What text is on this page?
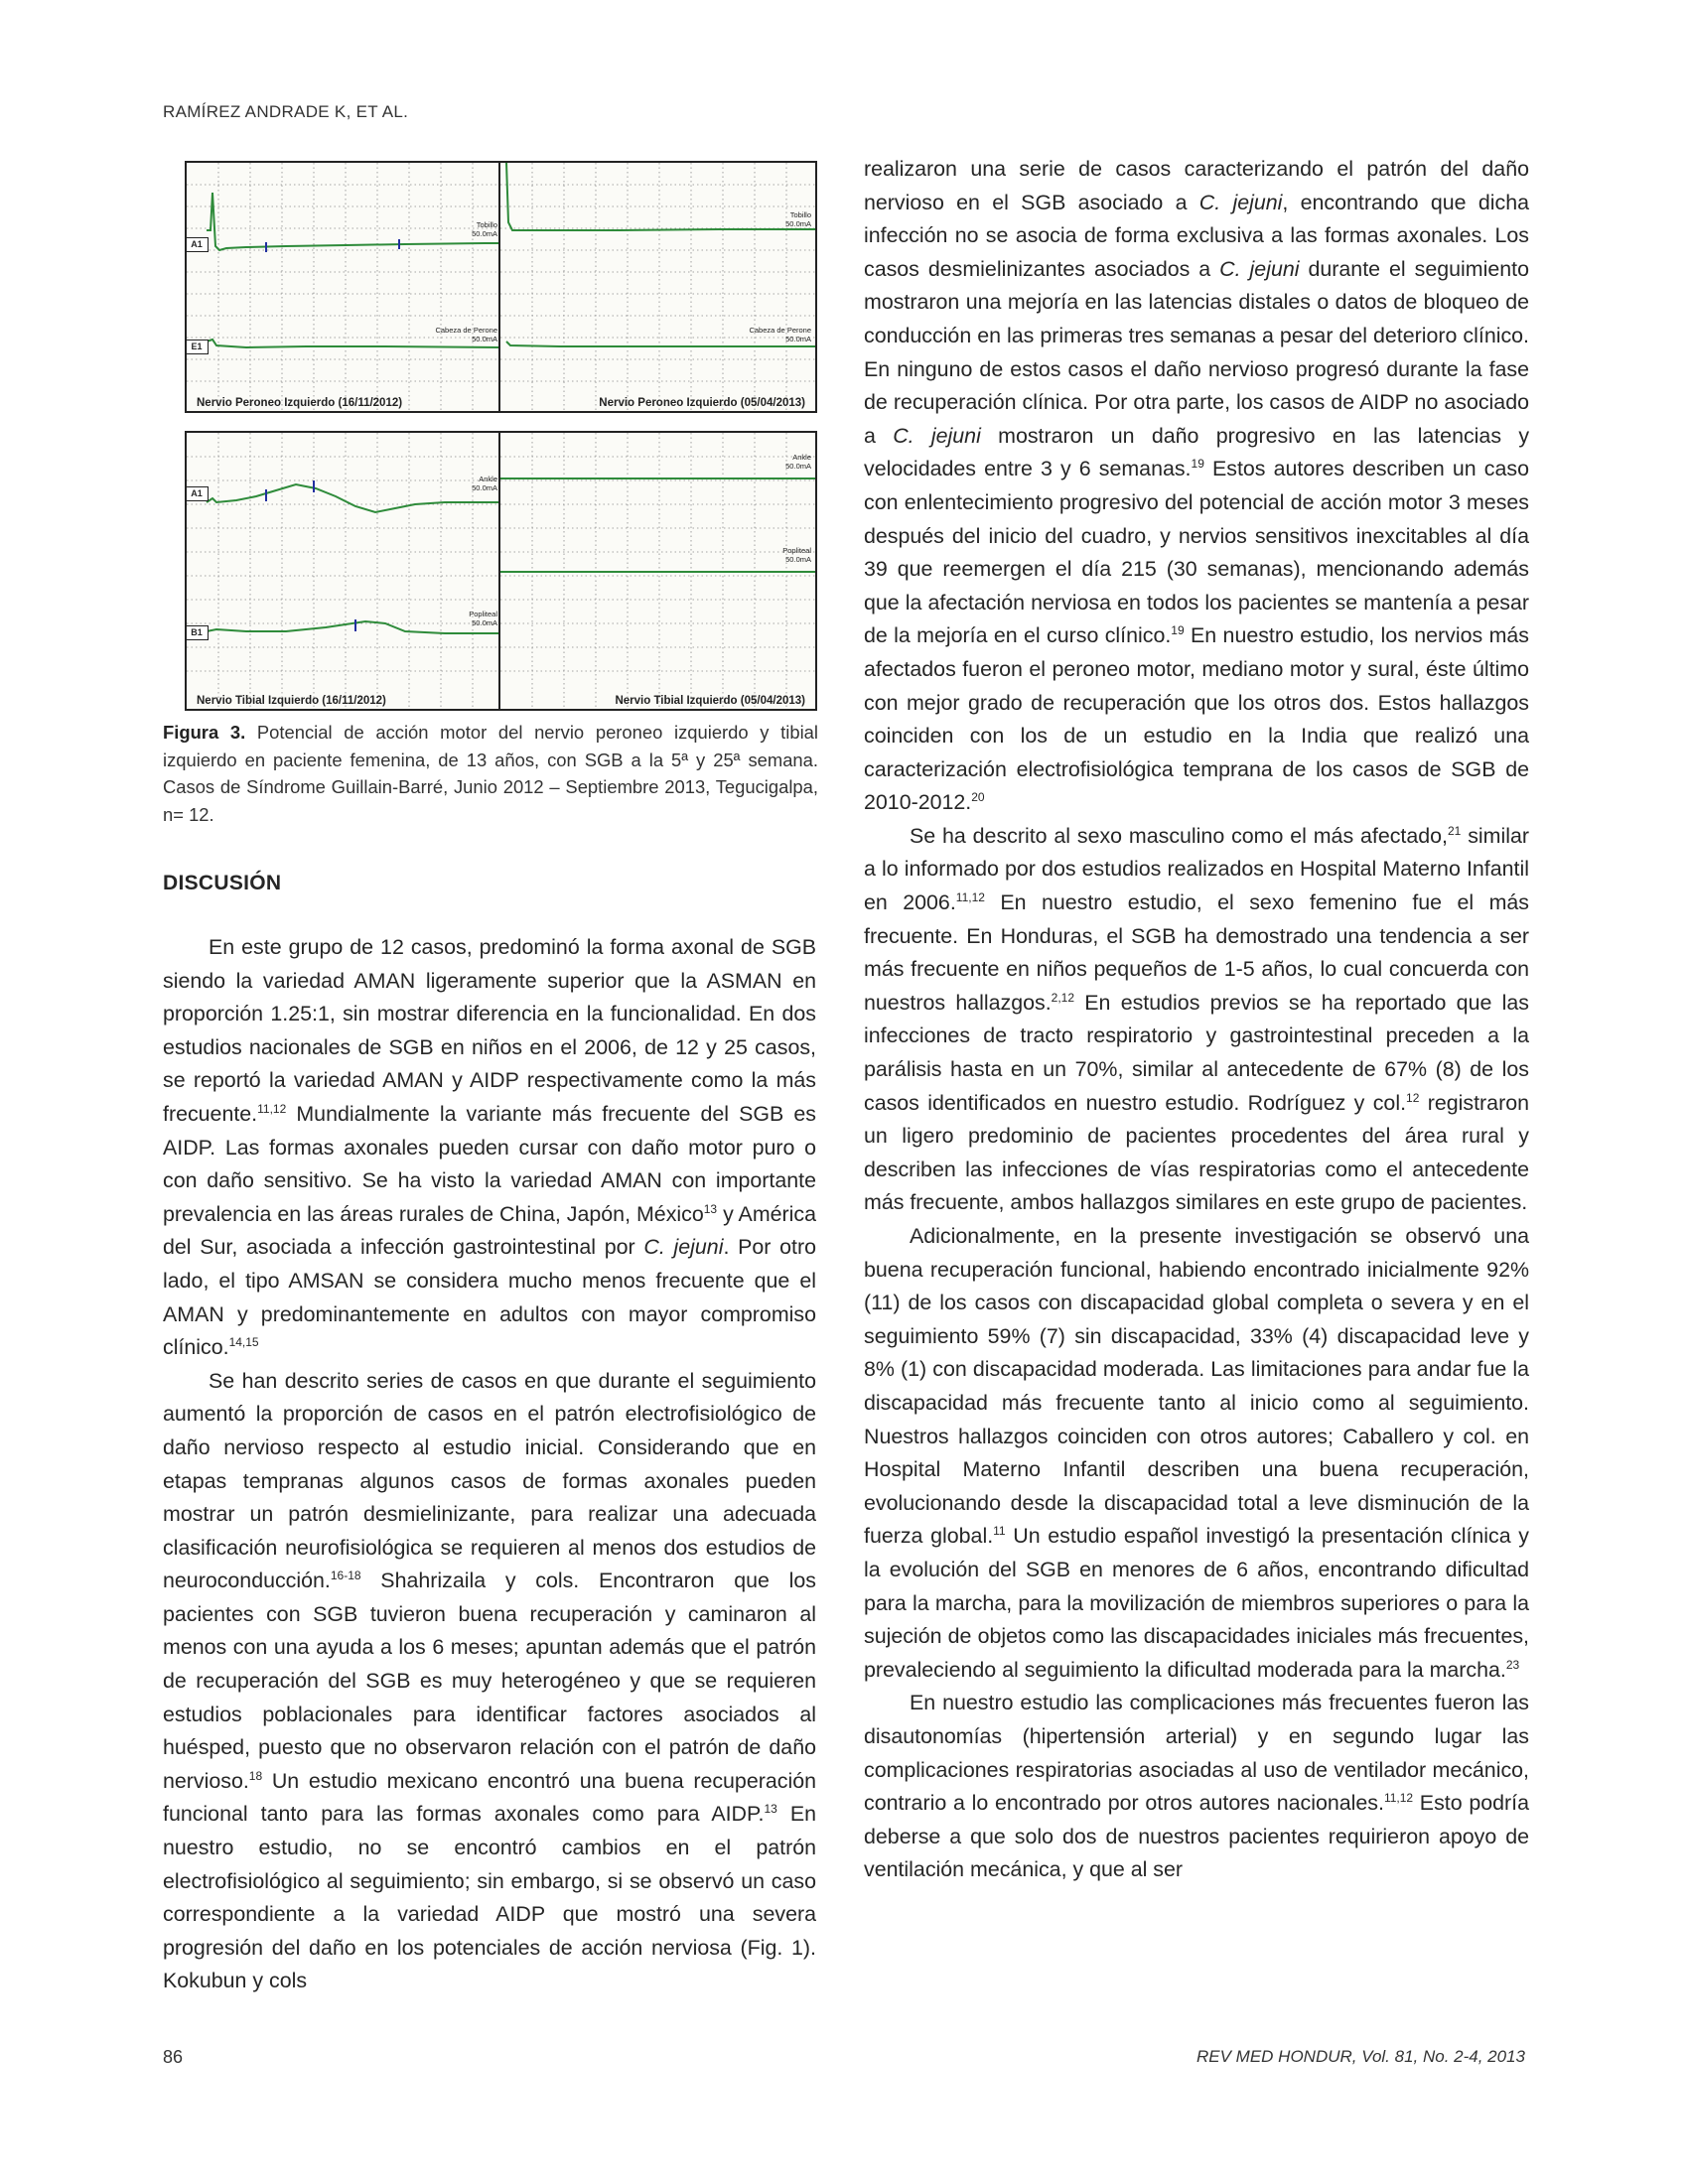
RAMÍREZ ANDRADE K, ET AL.
A1
E1
Tobillo
50.0mA
Cabeza de Perone
50.0mA
Nervio Peroneo Izquierdo (16/11/2012)
Tobillo
50.0mA
Cabeza de Perone
50.0mA
Nervio Peroneo Izquierdo (05/04/2013)
A1
B1
Ankle
50.0mA
Popliteal
50.0mA
Nervio Tibial Izquierdo (16/11/2012)
Ankle
50.0mA
Popliteal
50.0mA
Nervio Tibial Izquierdo (05/04/2013)
Figura 3. Potencial de acción motor del nervio peroneo izquierdo y tibial izquierdo en paciente femenina, de 13 años, con SGB a la 5ª y 25ª semana. Casos de Síndrome Guillain-Barré, Junio 2012 – Septiembre 2013, Tegucigalpa, n= 12.
DISCUSIÓN

En este grupo de 12 casos, predominó la forma axonal de SGB siendo la variedad AMAN ligeramente superior que la ASMAN en proporción 1.25:1, sin mostrar diferencia en la funcionalidad. En dos estudios nacionales de SGB en niños en el 2006, de 12 y 25 casos, se reportó la variedad AMAN y AIDP respectivamente como la más frecuente.$^{11,12}$ Mundialmente la variante más frecuente del SGB es AIDP. Las formas axonales pueden cursar con daño motor puro o con daño sensitivo. Se ha visto la variedad AMAN con importante prevalencia en las áreas rurales de China, Japón, México$^{13}$ y América del Sur, asociada a infección gastrointestinal por C. jejuni. Por otro lado, el tipo AMSAN se considera mucho menos frecuente que el AMAN y predominantemente en adultos con mayor compromiso clínico.$^{14,15}$

Se han descrito series de casos en que durante el seguimiento aumentó la proporción de casos en el patrón electrofisiológico de daño nervioso respecto al estudio inicial. Considerando que en etapas tempranas algunos casos de formas axonales pueden mostrar un patrón desmielinizante, para realizar una adecuada clasificación neurofisiológica se requieren al menos dos estudios de neuroconducción.$^{16-18}$ Shahrizaila y cols. Encontraron que los pacientes con SGB tuvieron buena recuperación y caminaron al menos con una ayuda a los 6 meses; apuntan además que el patrón de recuperación del SGB es muy heterogéneo y que se requieren estudios poblacionales para identificar factores asociados al huésped, puesto que no observaron relación con el patrón de daño nervioso.$^{18}$ Un estudio mexicano encontró una buena recuperación funcional tanto para las formas axonales como para AIDP.$^{13}$ En nuestro estudio, no se encontró cambios en el patrón electrofisiológico al seguimiento; sin embargo, si se observó un caso correspondiente a la variedad AIDP que mostró una severa progresión del daño en los potenciales de acción nerviosa (Fig. 1). Kokubun y cols

realizaron una serie de casos caracterizando el patrón del daño nervioso en el SGB asociado a C. jejuni, encontrando que dicha infección no se asocia de forma exclusiva a las formas axonales. Los casos desmielinizantes asociados a C. jejuni durante el seguimiento mostraron una mejoría en las latencias distales o datos de bloqueo de conducción en las primeras tres semanas a pesar del deterioro clínico. En ninguno de estos casos el daño nervioso progresó durante la fase de recuperación clínica. Por otra parte, los casos de AIDP no asociado a C. jejuni mostraron un daño progresivo en las latencias y velocidades entre 3 y 6 semanas.$^{19}$ Estos autores describen un caso con enlentecimiento progresivo del potencial de acción motor 3 meses después del inicio del cuadro, y nervios sensitivos inexcitables al día 39 que reemergen el día 215 (30 semanas), mencionando además que la afectación nerviosa en todos los pacientes se mantenía a pesar de la mejoría en el curso clínico.$^{19}$ En nuestro estudio, los nervios más afectados fueron el peroneo motor, mediano motor y sural, éste último con mejor grado de recuperación que los otros dos. Estos hallazgos coinciden con los de un estudio en la India que realizó una caracterización electrofisiológica temprana de los casos de SGB de 2010-2012.20

Se ha descrito al sexo masculino como el más afectado,$^{21}$ similar a lo informado por dos estudios realizados en Hospital Materno Infantil en 2006.$^{11,12}$ En nuestro estudio, el sexo femenino fue el más frecuente. En Honduras, el SGB ha demostrado una tendencia a ser más frecuente en niños pequeños de 1-5 años, lo cual concuerda con nuestros hallazgos.$^{2,12}$ En estudios previos se ha reportado que las infecciones de tracto respiratorio y gastrointestinal preceden a la parálisis hasta en un 70%, similar al antecedente de 67% (8) de los casos identificados en nuestro estudio. Rodríguez y col.$^{12}$ registraron un ligero predominio de pacientes procedentes del área rural y describen las infecciones de vías respiratorias como el antecedente más frecuente, ambos hallazgos similares en este grupo de pacientes.

Adicionalmente, en la presente investigación se observó una buena recuperación funcional, habiendo encontrado inicialmente 92% (11) de los casos con discapacidad global completa o severa y en el seguimiento 59% (7) sin discapacidad, 33% (4) discapacidad leve y 8% (1) con discapacidad moderada. Las limitaciones para andar fue la discapacidad más frecuente tanto al inicio como al seguimiento. Nuestros hallazgos coinciden con otros autores; Caballero y col. en Hospital Materno Infantil describen una buena recuperación, evolucionando desde la discapacidad total a leve disminución de la fuerza global.$^{11}$ Un estudio español investigó la presentación clínica y la evolución del SGB en menores de 6 años, encontrando dificultad para la marcha, para la movilización de miembros superiores o para la sujeción de objetos como las discapacidades iniciales más frecuentes, prevaleciendo al seguimiento la dificultad moderada para la marcha.$^{23}$

En nuestro estudio las complicaciones más frecuentes fueron las disautonomías (hipertensión arterial) y en segundo lugar las complicaciones respiratorias asociadas al uso de ventilador mecánico, contrario a lo encontrado por otros autores nacionales.$^{11,12}$ Esto podría deberse a que solo dos de nuestros pacientes requirieron apoyo de ventilación mecánica, y que al ser

86	REV MED HONDUR, Vol. 81, No. 2-4, 2013
